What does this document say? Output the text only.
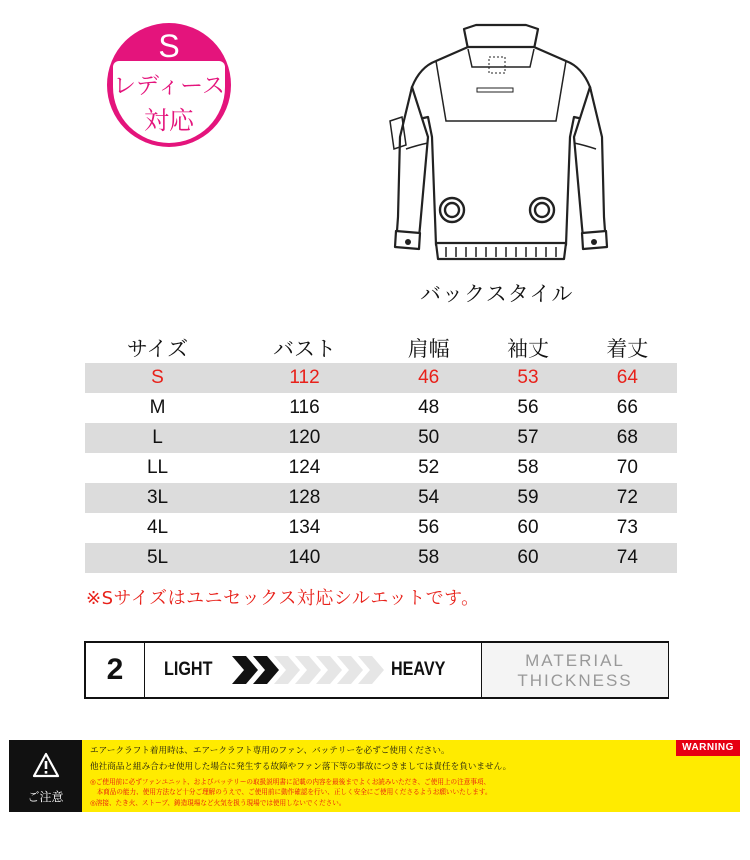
S
レディース
対応
バックスタイル
サイズ	バスト	肩幅	袖丈	着丈
S	112	46	53	64
M	116	48	56	66
L	120	50	57	68
LL	124	52	58	70
3L	128	54	59	72
4L	134	56	60	73
5L	140	58	60	74
※Sサイズはユニセックス対応シルエットです。
2	LIGHT	HEAVY	MATERIAL
THICKNESS
ご注意
WARNING
エアークラフト着用時は、エアークラフト専用のファン、バッテリーを必ずご使用ください。
他社商品と組み合わせ使用した場合に発生する故障やファン落下等の事故につきましては責任を負いません。
◎ご使用前に必ずファンユニット、およびバッテリーの取扱説明書に記載の内容を最後までよくお読みいただき、ご使用上の注意事項、
　本商品の能力、使用方法など十分ご理解のうえで、ご使用前に動作確認を行い、正しく安全にご使用くださるようお願いいたします。
◎溶接、たき火、ストーブ、鋳造現場など火気を扱う現場では使用しないでください。
